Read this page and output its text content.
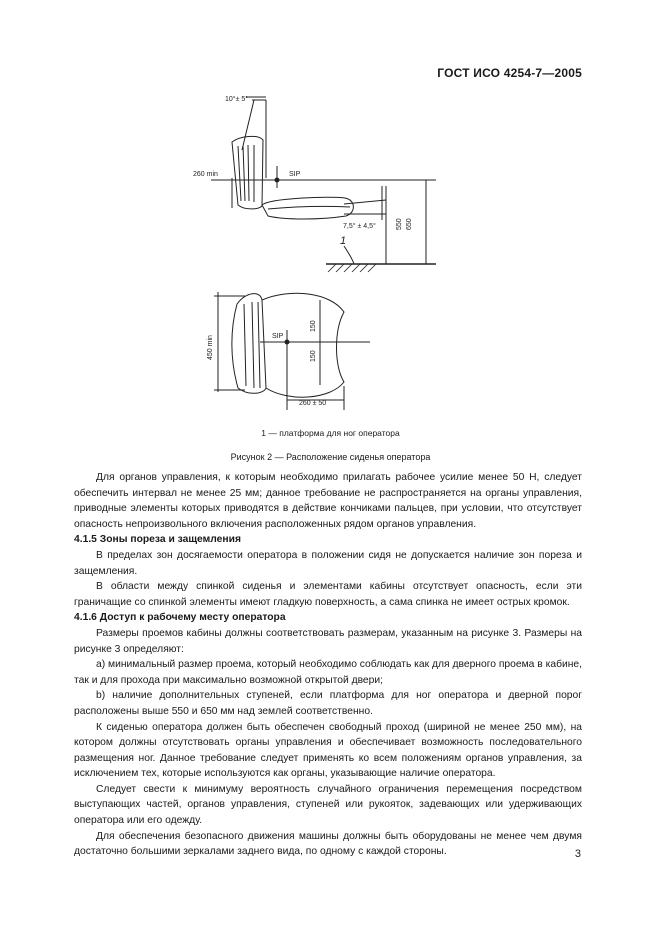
ГОСТ ИСО 4254-7—2005
10°± 5°
260 min	SIP
7,5° ± 4,5°	550 650
450 min	SIP
150
150
260 ± 50
1
1 — платформа для ног оператора
Рисунок 2 — Расположение сиденья оператора

Для органов управления, к которым необходимо прилагать рабочее усилие менее 50 Н, следует обеспечить интервал не менее 25 мм; данное требование не распространяется на органы управления, приводные элементы которых приводятся в действие кончиками пальцев, при условии, что отсутствует опасность непроизвольного включения расположенных рядом органов управления.

4.1.5 Зоны пореза и защемления

В пределах зон досягаемости оператора в положении сидя не допускается наличие зон пореза и защемления.

В области между спинкой сиденья и элементами кабины отсутствует опасность, если эти граничащие со спинкой элементы имеют гладкую поверхность, а сама спинка не имеет острых кромок.

4.1.6 Доступ к рабочему месту оператора

Размеры проемов кабины должны соответствовать размерам, указанным на рисунке 3. Размеры на рисунке 3 определяют:

а) минимальный размер проема, который необходимо соблюдать как для дверного проема в кабине, так и для прохода при максимально возможной открытой двери;

b) наличие дополнительных ступеней, если платформа для ног оператора и дверной порог расположены выше 550 и 650 мм над землей соответственно.

К сиденью оператора должен быть обеспечен свободный проход (шириной не менее 250 мм), на котором должны отсутствовать органы управления и обеспечивает возможность последовательного размещения ног. Данное требование следует применять ко всем положениям органов управления, за исключением тех, которые используются как органы, указывающие наличие оператора.

Следует свести к минимуму вероятность случайного ограничения перемещения посредством выступающих частей, органов управления, ступеней или рукояток, задевающих или удерживающих оператора или его одежду.

Для обеспечения безопасного движения машины должны быть оборудованы не менее чем двумя достаточно большими зеркалами заднего вида, по одному с каждой стороны.	3
